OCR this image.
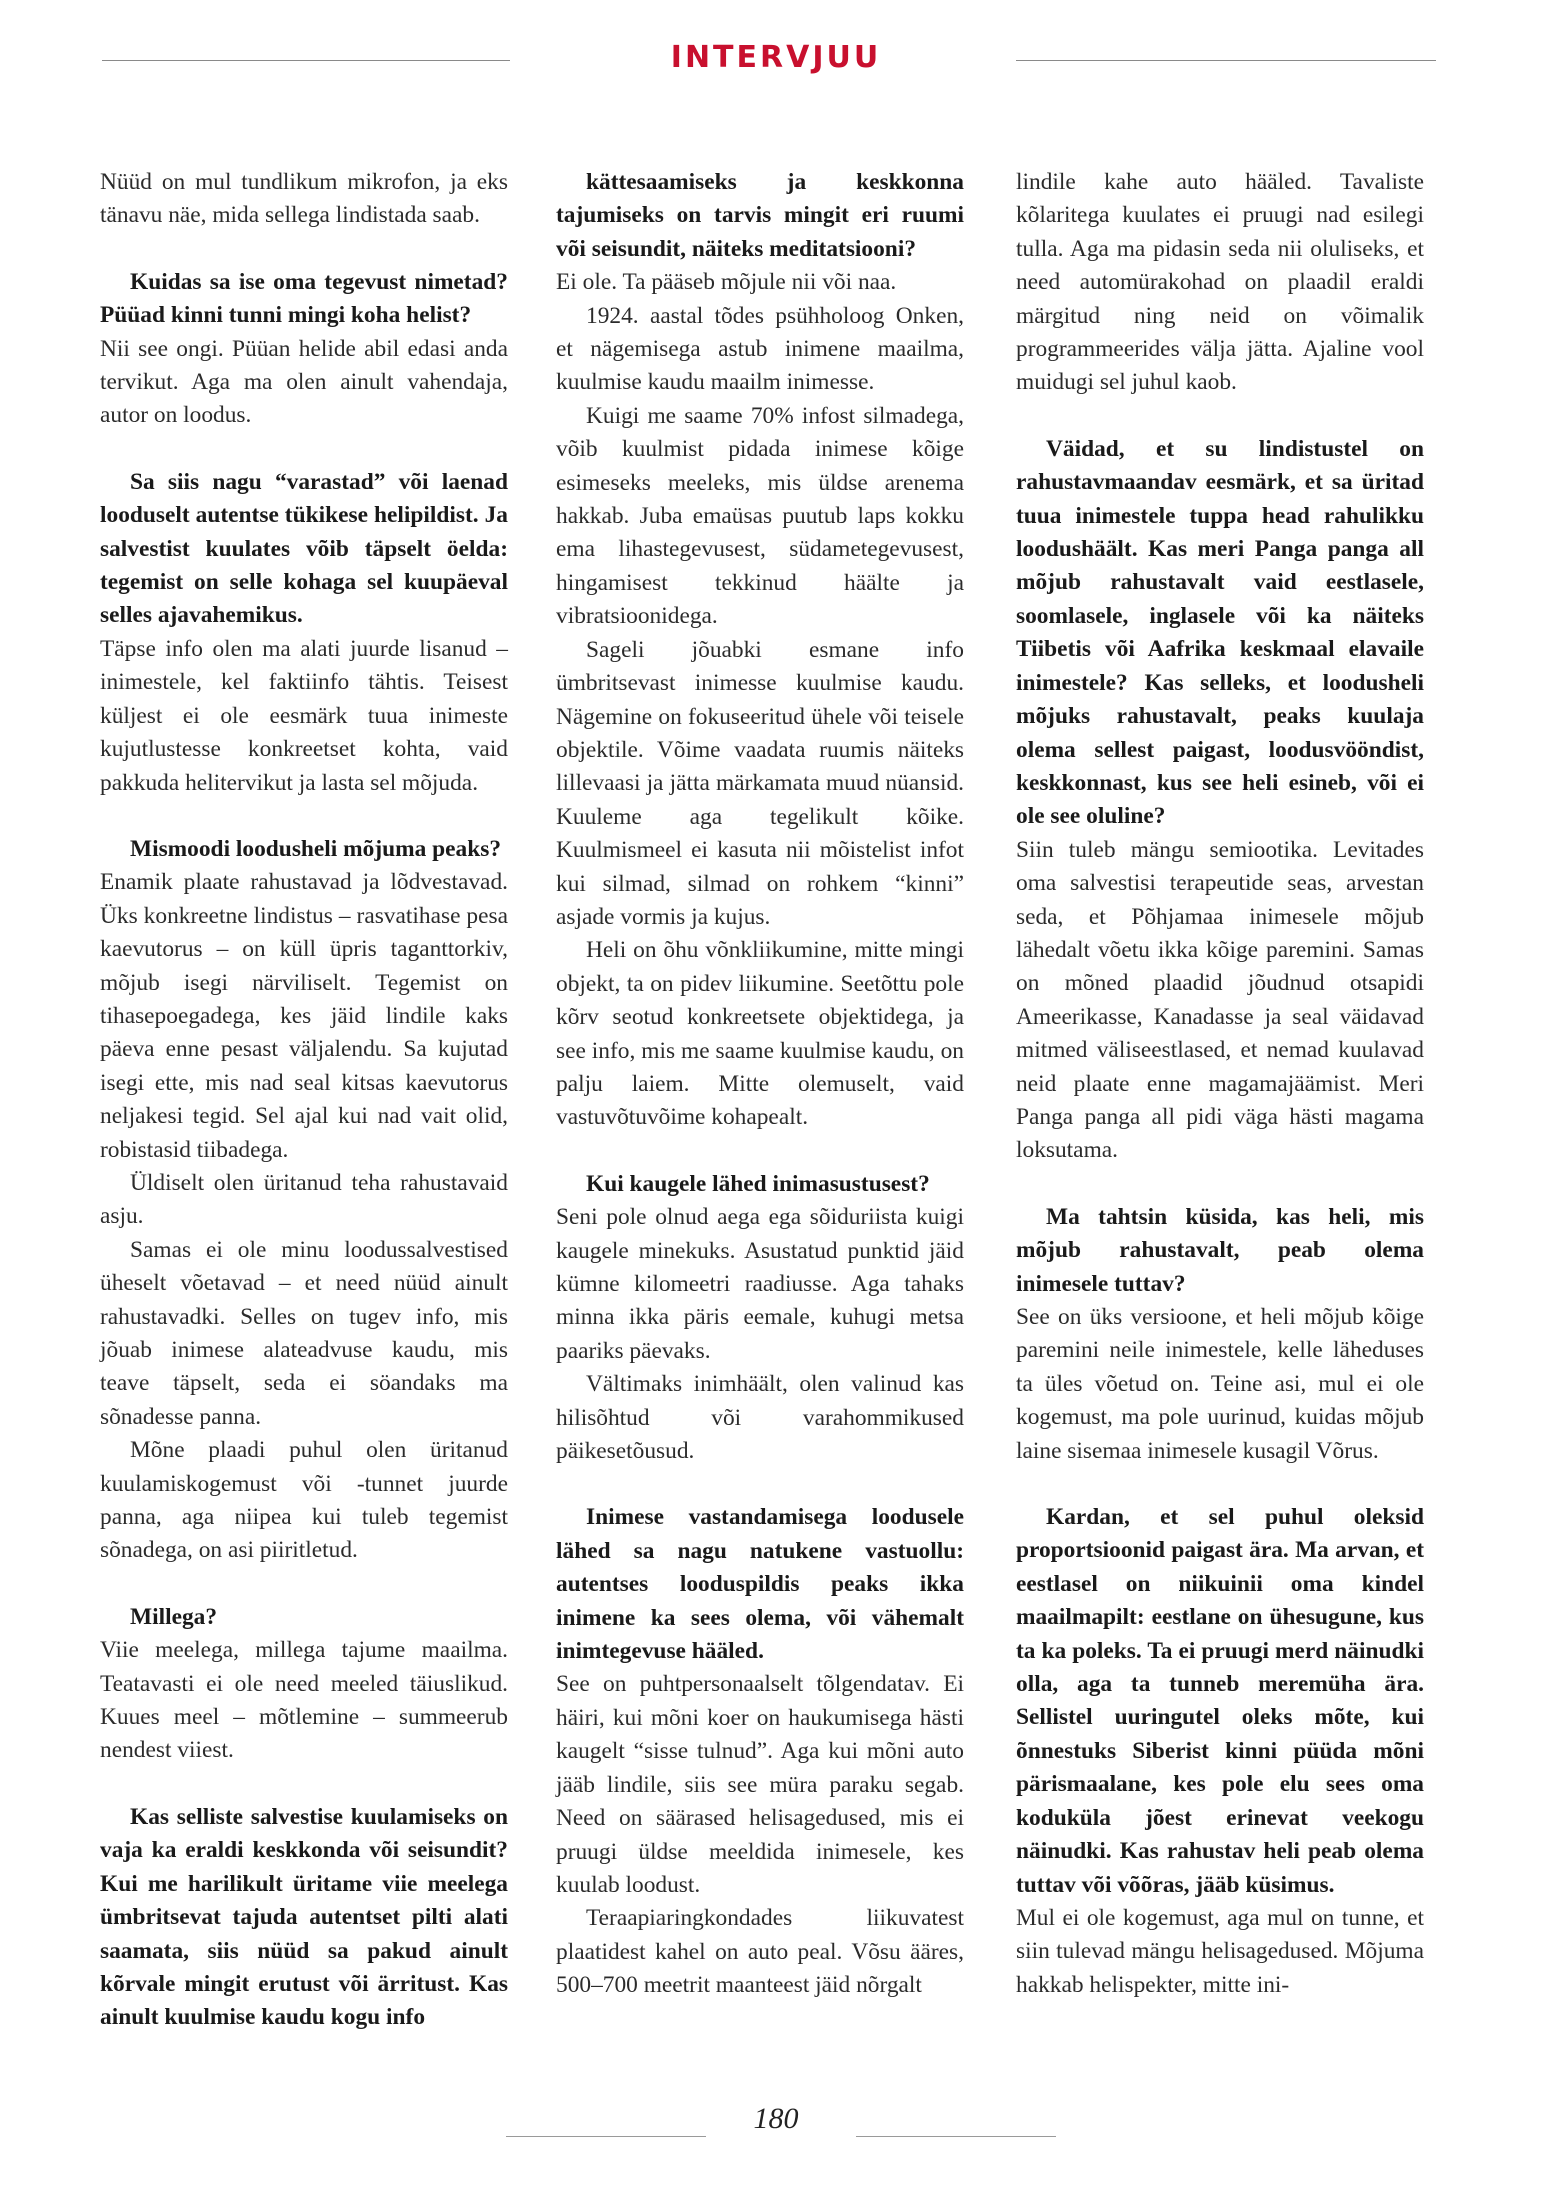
INTERVJUU

Nüüd on mul tundlikum mikrofon, ja eks tänavu näe, mida sellega lindistada saab.

Kuidas sa ise oma tegevust nimetad? Püüad kinni tunni mingi koha helist?

Nii see ongi. Püüan helide abil edasi anda tervikut. Aga ma olen ainult vahendaja, autor on loodus.

Sa siis nagu “varastad” või laenad looduselt autentse tükikese helipildist. Ja salvestist kuulates võib täpselt öelda: tegemist on selle kohaga sel kuupäeval selles ajavahemikus.

Täpse info olen ma alati juurde lisanud – inimestele, kel faktiinfo tähtis. Teisest küljest ei ole eesmärk tuua inimeste kujutlustesse konkreetset kohta, vaid pakkuda helitervikut ja lasta sel mõjuda.

Mismoodi loodusheli mõjuma peaks?

Enamik plaate rahustavad ja lõdvestavad. Üks konkreetne lindistus – rasvatihase pesa kaevutorus – on küll üpris taganttorkiv, mõjub isegi närviliselt. Tegemist on tihasepoegadega, kes jäid lindile kaks päeva enne pesast väljalendu. Sa kujutad isegi ette, mis nad seal kitsas kaevutorus neljakesi tegid. Sel ajal kui nad vait olid, robistasid tiibadega.

Üldiselt olen üritanud teha rahustavaid asju.

Samas ei ole minu loodussalvestised üheselt võetavad – et need nüüd ainult rahustavadki. Selles on tugev info, mis jõuab inimese alateadvuse kaudu, mis teave täpselt, seda ei söandaks ma sõnadesse panna.

Mõne plaadi puhul olen üritanud kuulamiskogemust või -tunnet juurde panna, aga niipea kui tuleb tegemist sõnadega, on asi piiritletud.

Millega?

Viie meelega, millega tajume maailma. Teatavasti ei ole need meeled täiuslikud. Kuues meel – mõtlemine – summeerub nendest viiest.

Kas selliste salvestise kuulamiseks on vaja ka eraldi keskkonda või seisundit? Kui me harilikult üritame viie meelega ümbritsevat tajuda autentset pilti alati saamata, siis nüüd sa pakud ainult kõrvale mingit erutust või ärritust. Kas ainult kuulmise kaudu kogu info

kättesaamiseks ja keskkonna tajumiseks on tarvis mingit eri ruumi või seisundit, näiteks meditatsiooni?

Ei ole. Ta pääseb mõjule nii või naa.

1924. aastal tõdes psühholoog Onken, et nägemisega astub inimene maailma, kuulmise kaudu maailm inimesse.

Kuigi me saame 70% infost silmadega, võib kuulmist pidada inimese kõige esimeseks meeleks, mis üldse arenema hakkab. Juba emaüsas puutub laps kokku ema lihastegevusest, südametegevusest, hingamisest tekkinud häälte ja vibratsioonidega.

Sageli jõuabki esmane info ümbritsevast inimesse kuulmise kaudu. Nägemine on fokuseeritud ühele või teisele objektile. Võime vaadata ruumis näiteks lillevaasi ja jätta märkamata muud nüansid. Kuuleme aga tegelikult kõike. Kuulmismeel ei kasuta nii mõistelist infot kui silmad, silmad on rohkem “kinni” asjade vormis ja kujus.

Heli on õhu võnkliikumine, mitte mingi objekt, ta on pidev liikumine. Seetõttu pole kõrv seotud konkreetsete objektidega, ja see info, mis me saame kuulmise kaudu, on palju laiem. Mitte olemuselt, vaid vastuvõtuvõime kohapealt.

Kui kaugele lähed inimasustusest?

Seni pole olnud aega ega sõiduriista kuigi kaugele minekuks. Asustatud punktid jäid kümne kilomeetri raadiusse. Aga tahaks minna ikka päris eemale, kuhugi metsa paariks päevaks.

Vältimaks inimhäält, olen valinud kas hilisõhtud või varahommikused päikesetõusud.

Inimese vastandamisega loodusele lähed sa nagu natukene vastuollu: autentses looduspildis peaks ikka inimene ka sees olema, või vähemalt inimtegevuse hääled.

See on puhtpersonaalselt tõlgendatav. Ei häiri, kui mõni koer on haukumisega hästi kaugelt “sisse tulnud”. Aga kui mõni auto jääb lindile, siis see müra paraku segab. Need on säärased helisagedused, mis ei pruugi üldse meeldida inimesele, kes kuulab loodust.

Teraapiaringkondades liikuvatest plaatidest kahel on auto peal. Võsu ääres, 500–700 meetrit maanteest jäid nõrgalt

lindile kahe auto hääled. Tavaliste kõlaritega kuulates ei pruugi nad esilegi tulla. Aga ma pidasin seda nii oluliseks, et need automürakohad on plaadil eraldi märgitud ning neid on võimalik programmeerides välja jätta. Ajaline vool muidugi sel juhul kaob.

Väidad, et su lindistustel on rahustavmaandav eesmärk, et sa üritad tuua inimestele tuppa head rahulikku loodushäält. Kas meri Panga panga all mõjub rahustavalt vaid eestlasele, soomlasele, inglasele või ka näiteks Tiibetis või Aafrika keskmaal elavaile inimestele? Kas selleks, et loodusheli mõjuks rahustavalt, peaks kuulaja olema sellest paigast, loodusvööndist, keskkonnast, kus see heli esineb, või ei ole see oluline?

Siin tuleb mängu semiootika. Levitades oma salvestisi terapeutide seas, arvestan seda, et Põhjamaa inimesele mõjub lähedalt võetu ikka kõige paremini. Samas on mõned plaadid jõudnud otsapidi Ameerikasse, Kanadasse ja seal väidavad mitmed väliseestlased, et nemad kuulavad neid plaate enne magamajäämist. Meri Panga panga all pidi väga hästi magama loksutama.

Ma tahtsin küsida, kas heli, mis mõjub rahustavalt, peab olema inimesele tuttav?

See on üks versioone, et heli mõjub kõige paremini neile inimestele, kelle läheduses ta üles võetud on. Teine asi, mul ei ole kogemust, ma pole uurinud, kuidas mõjub laine sisemaa inimesele kusagil Võrus.

Kardan, et sel puhul oleksid proportsioonid paigast ära. Ma arvan, et eestlasel on niikuinii oma kindel maailmapilt: eestlane on ühesugune, kus ta ka poleks. Ta ei pruugi merd näinudki olla, aga ta tunneb meremüha ära. Sellistel uuringutel oleks mõte, kui õnnestuks Siberist kinni püüda mõni pärismaalane, kes pole elu sees oma koduküla jõest erinevat veekogu näinudki. Kas rahustav heli peab olema tuttav või võõras, jääb küsimus.

Mul ei ole kogemust, aga mul on tunne, et siin tulevad mängu helisagedused. Mõjuma hakkab helispekter, mitte ini-

180
